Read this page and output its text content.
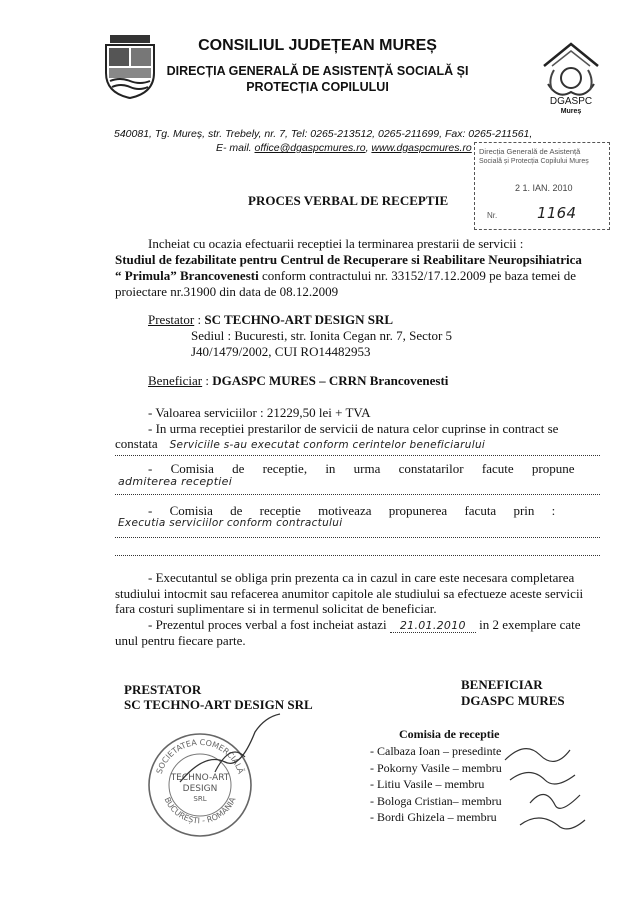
CONSILIUL JUDEȚEAN MUREȘ
DIRECȚIA GENERALĂ DE ASISTENȚĂ SOCIALĂ ȘI
PROTECȚIA COPILULUI
DGASPC
Mureș
540081, Tg. Mureș, str. Trebely, nr. 7, Tel: 0265-213512, 0265-211699, Fax: 0265-211561,
E- mail. office@dgaspcmures.ro, www.dgaspcmures.ro Direcția Generală de Asistență
Socială și Protecția Copilului Mureș
2 1. IAN. 2010
Nr.	1164
PROCES VERBAL DE RECEPTIE
Incheiat cu ocazia efectuarii receptiei la terminarea prestarii de servicii :
Studiul de fezabilitate pentru Centrul de Recuperare si Reabilitare Neuropsihiatrica
“ Primula” Brancovenesti conform contractului nr. 33152/17.12.2009 pe baza temei de
proiectare nr.31900 din data de 08.12.2009
Prestator : SC TECHNO-ART DESIGN SRL
Sediul : Bucuresti, str. Ionita Cegan nr. 7, Sector 5
J40/1479/2002, CUI RO14482953
Beneficiar : DGASPC MURES – CRRN Brancovenesti
- Valoarea serviciilor : 21229,50 lei + TVA
- In urma receptiei prestarilor de servicii de natura celor cuprinse in contract se
constata Serviciile s-au executat conform cerintelor beneficiarului
- Comisia de receptie, in urma constatarilor facute propune
admiterea receptiei
- Comisia de receptie motiveaza propunerea facuta prin :
Executia serviciilor conform contractului
- Executantul se obliga prin prezenta ca in cazul in care este necesara completarea
studiului intocmit sau refacerea anumitor capitole ale studiului sa efectueze aceste servicii
fara costuri suplimentare si in termenul solicitat de beneficiar.
- Prezentul proces verbal a fost incheiat astazi 21.01.2010 in 2 exemplare cate
unul pentru fiecare parte.
PRESTATOR
SC TECHNO-ART DESIGN SRL
BENEFICIAR
DGASPC MURES
SOCIETATEA COMERCIALĂ
BUCUREȘTI - ROMÂNIA
TECHNO-ART
DESIGN
SRL
Comisia de receptie
- Calbaza Ioan – presedinte
- Pokorny Vasile – membru
- Litiu Vasile – membru
- Bologa Cristian– membru
- Bordi Ghizela – membru
